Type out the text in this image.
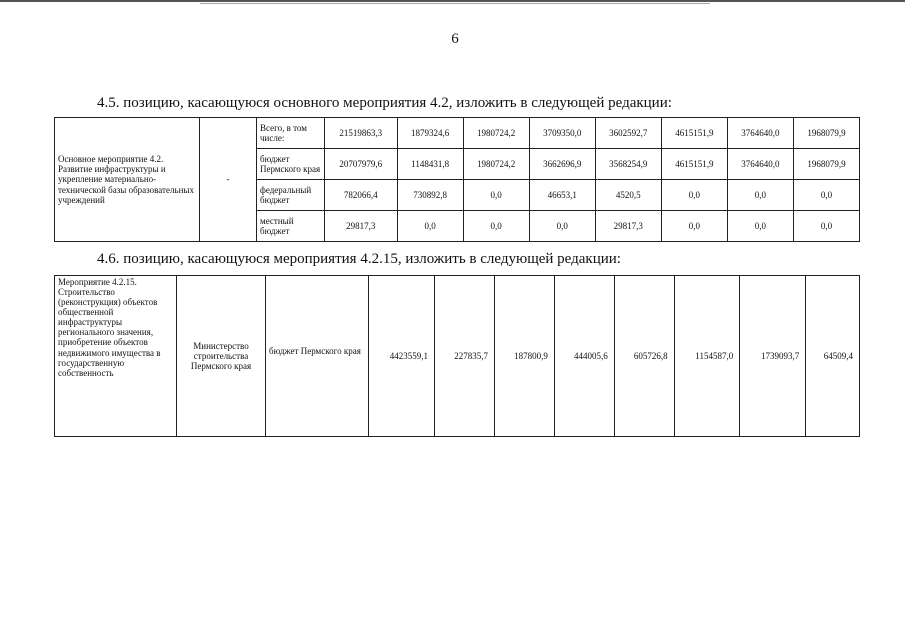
6
4.5. позицию, касающуюся основного мероприятия 4.2, изложить в следующей редакции:
Основное мероприятие 4.2. Развитие инфраструктуры и укрепление материально-технической базы образовательных учреждений	-	Всего, в том числе:	21519863,3	1879324,6	1980724,2	3709350,0	3602592,7	4615151,9	3764640,0	1968079,9
		бюджет Пермского края	20707979,6	1148431,8	1980724,2	3662696,9	3568254,9	4615151,9	3764640,0	1968079,9
		федеральный бюджет	782066,4	730892,8	0,0	46653,1	4520,5	0,0	0,0	0,0
		местный бюджет	29817,3	0,0	0,0	0,0	29817,3	0,0	0,0	0,0
4.6. позицию, касающуюся мероприятия 4.2.15, изложить в следующей редакции:
Мероприятие 4.2.15. Строительство (реконструкция) объектов общественной инфраструктуры регионального значения, приобретение объектов недвижимого имущества в государственную собственность	Министерство строительства Пермского края	бюджет Пермского края	4423559,1	227835,7	187800,9	444005,6	605726,8	1154587,0	1739093,7	64509,4
